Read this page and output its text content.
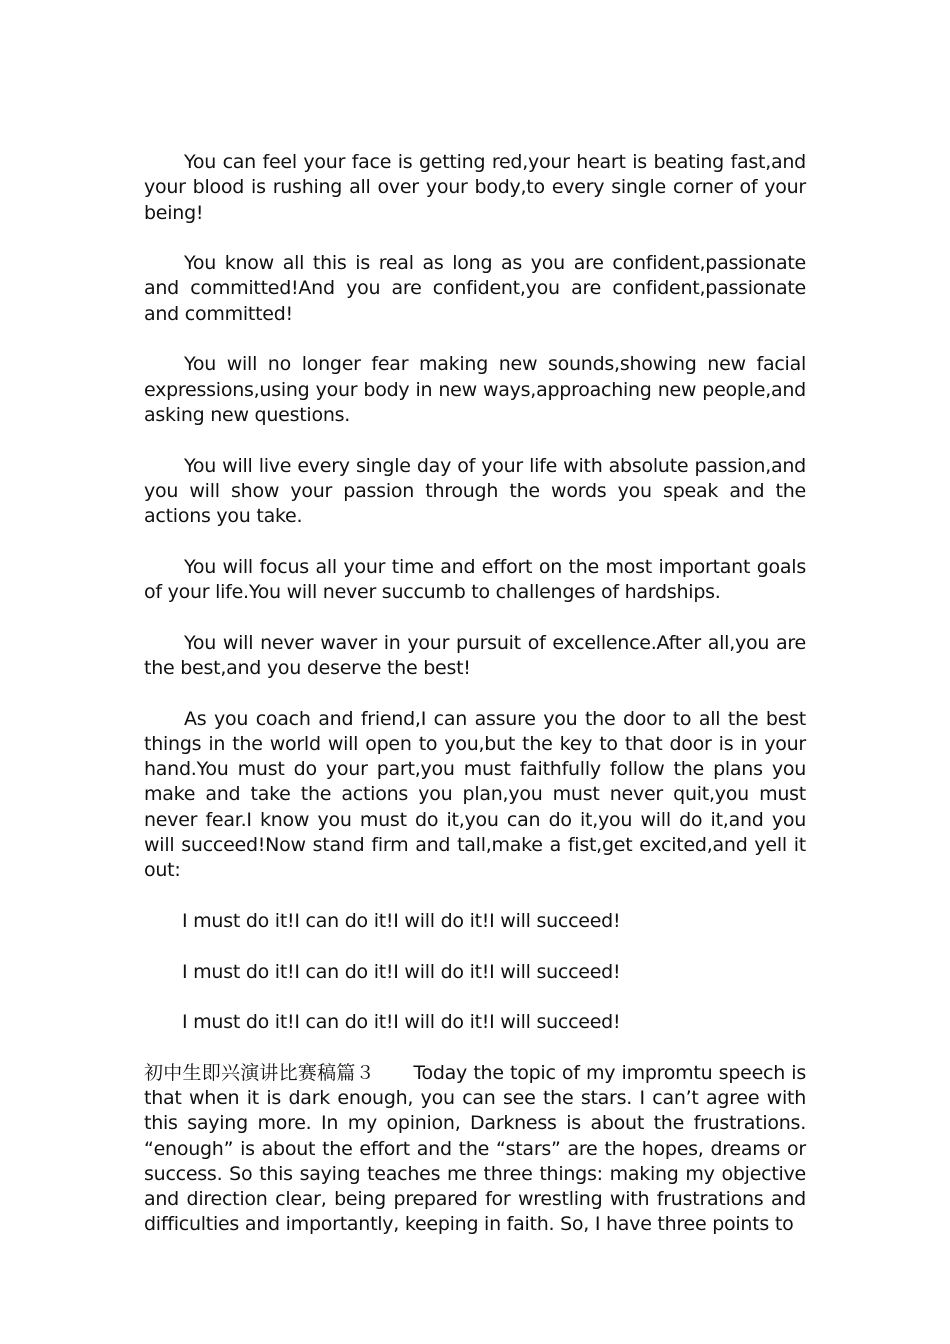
You can feel your face is getting red,your heart is beating fast,and your blood is rushing all over your body,to every single corner of your being!

You know all this is real as long as you are confident,passionate and committed!And you are confident,you are confident,passionate and committed!

You will no longer fear making new sounds,showing new facial expressions,using your body in new ways,approaching new people,and asking new questions.

You will live every single day of your life with absolute passion,and you will show your passion through the words you speak and the actions you take.

You will focus all your time and effort on the most important goals of your life.You will never succumb to challenges of hardships.

You will never waver in your pursuit of excellence.After all,you are the best,and you deserve the best!

As you coach and friend,I can assure you the door to all the best things in the world will open to you,but the key to that door is in your hand.You must do your part,you must faithfully follow the plans you make and take the actions you plan,you must never quit,you must never fear.I know you must do it,you can do it,you will do it,and you will succeed!Now stand firm and tall,make a fist,get excited,and yell it out:

I must do it!I can do it!I will do it!I will succeed!

I must do it!I can do it!I will do it!I will succeed!

I must do it!I can do it!I will do it!I will succeed!

初中生即兴演讲比赛稿篇３　　 Today the topic of my impromtu speech is that when it is dark enough, you can see the stars. I can’t agree with this saying more. In my opinion, Darkness is about the frustrations. “enough” is about the effort and the “stars” are the hopes, dreams or success. So this saying teaches me three things: making my objective and direction clear, being prepared for wrestling with frustrations and difficulties and importantly, keeping in faith. So, I have three points to
